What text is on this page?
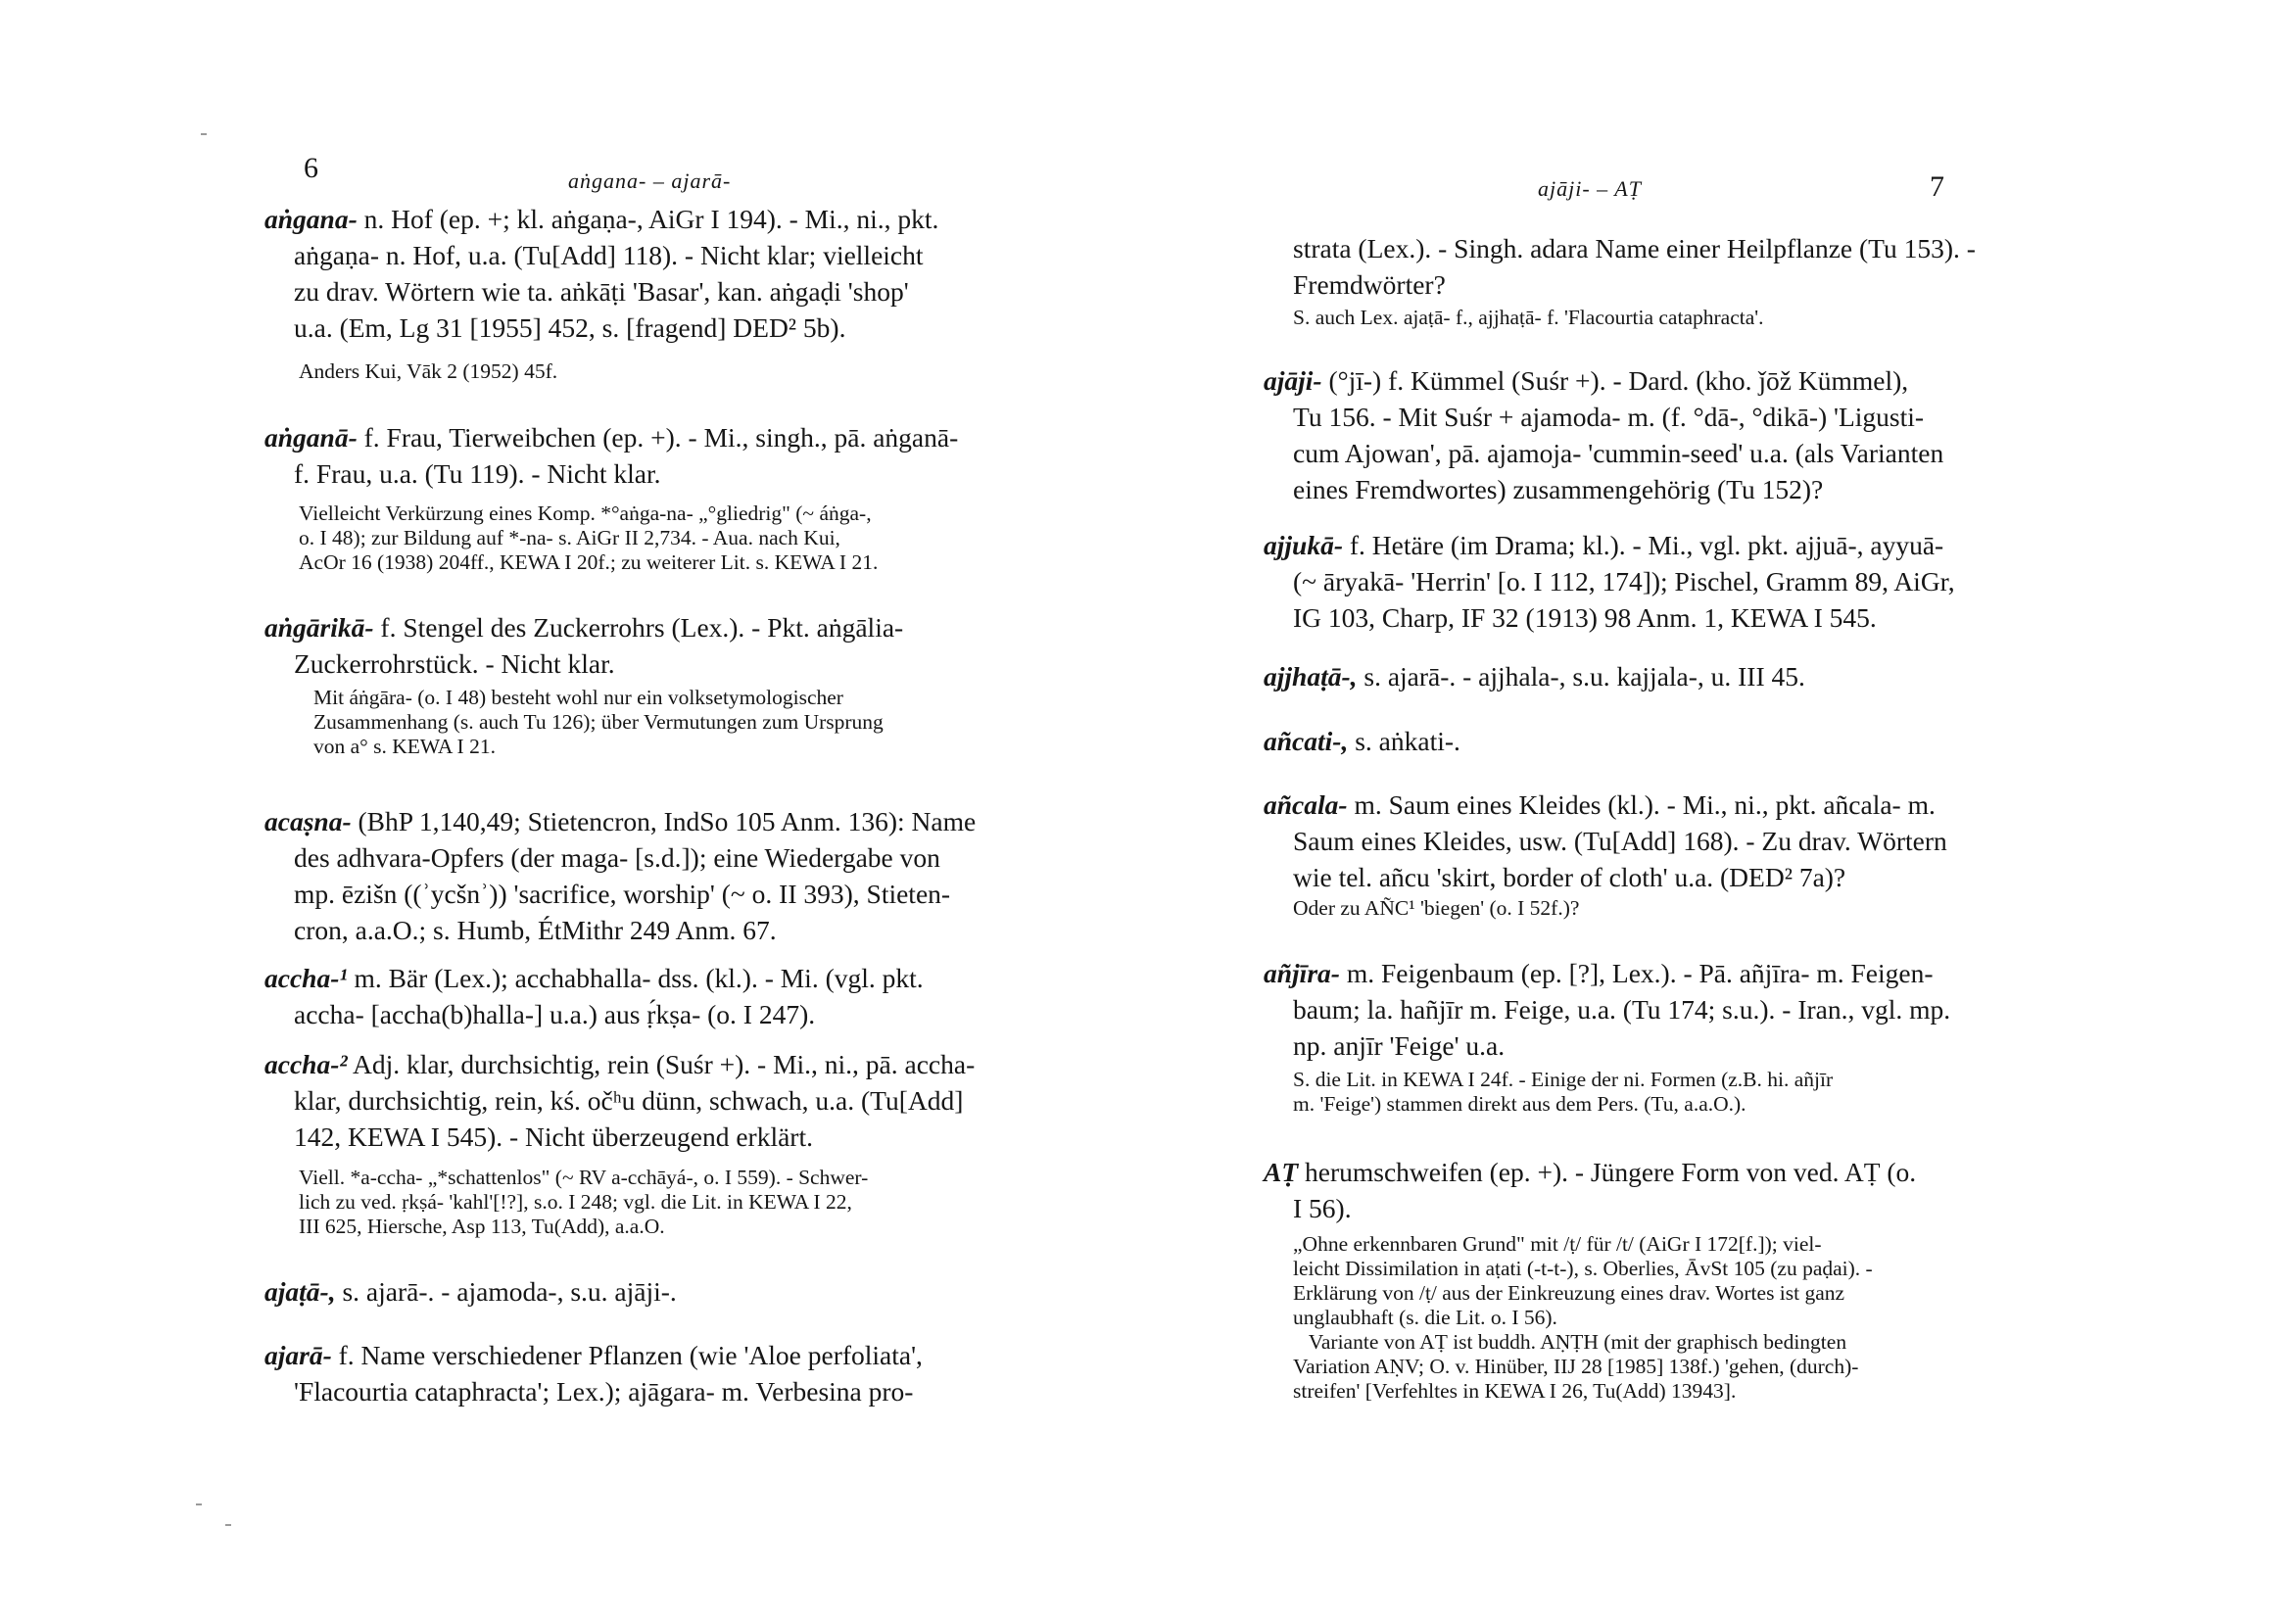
6	aṅgana- – ajarā-
aṅgana- n. Hof (ep. +; kl. aṅgaṇa-, AiGr I 194). - Mi., ni., pkt.
aṅgaṇa- n. Hof, u.a. (Tu[Add] 118). - Nicht klar; vielleicht
zu drav. Wörtern wie ta. aṅkāṭi 'Basar', kan. aṅgaḍi 'shop'
u.a. (Em, Lg 31 [1955] 452, s. [fragend] DED² 5b).
Anders Kui, Vāk 2 (1952) 45f.
aṅganā- f. Frau, Tierweibchen (ep. +). - Mi., singh., pā. aṅganā-
f. Frau, u.a. (Tu 119). - Nicht klar.
Vielleicht Verkürzung eines Komp. *°aṅga-na- „°gliedrig" (~ áṅga-,
o. I 48); zur Bildung auf *-na- s. AiGr II 2,734. - Aua. nach Kui,
AcOr 16 (1938) 204ff., KEWA I 20f.; zu weiterer Lit. s. KEWA I 21.
aṅgārikā- f. Stengel des Zuckerrohrs (Lex.). - Pkt. aṅgālia-
Zuckerrohrstück. - Nicht klar.
Mit áṅgāra- (o. I 48) besteht wohl nur ein volksetymologischer
Zusammenhang (s. auch Tu 126); über Vermutungen zum Ursprung
von a° s. KEWA I 21.
acaṣna- (BhP 1,140,49; Stietencron, IndSo 105 Anm. 136): Name
des adhvara-Opfers (der maga- [s.d.]); eine Wiedergabe von
mp. ēzišn ((ʾycšnʾ)) 'sacrifice, worship' (~ o. II 393), Stieten-
cron, a.a.O.; s. Humb, ÉtMithr 249 Anm. 67.
accha-¹ m. Bär (Lex.); acchabhalla- dss. (kl.). - Mi. (vgl. pkt.
accha- [accha(b)halla-] u.a.) aus ṛ́kṣa- (o. I 247).
accha-² Adj. klar, durchsichtig, rein (Suśr +). - Mi., ni., pā. accha-
klar, durchsichtig, rein, kś. očʰu dünn, schwach, u.a. (Tu[Add]
142, KEWA I 545). - Nicht überzeugend erklärt.
Viell. *a-ccha- „*schattenlos" (~ RV a-cchāyá-, o. I 559). - Schwer-
lich zu ved. ṛkṣá- 'kahl'[!?], s.o. I 248; vgl. die Lit. in KEWA I 22,
III 625, Hiersche, Asp 113, Tu(Add), a.a.O.
ajaṭā-, s. ajarā-. - ajamoda-, s.u. ajāji-.
ajarā- f. Name verschiedener Pflanzen (wie 'Aloe perfoliata',
'Flacourtia cataphracta'; Lex.); ajāgara- m. Verbesina pro-
ajāji- – AṬ	7
strata (Lex.). - Singh. adara Name einer Heilpflanze (Tu 153). -
Fremdwörter?
S. auch Lex. ajaṭā- f., ajjhaṭā- f. 'Flacourtia cataphracta'.
ajāji- (°jī-) f. Kümmel (Suśr +). - Dard. (kho. ǰōž Kümmel),
Tu 156. - Mit Suśr + ajamoda- m. (f. °dā-, °dikā-) 'Ligusti-
cum Ajowan', pā. ajamoja- 'cummin-seed' u.a. (als Varianten
eines Fremdwortes) zusammengehörig (Tu 152)?
ajjukā- f. Hetäre (im Drama; kl.). - Mi., vgl. pkt. ajjuā-, ayyuā-
(~ āryakā- 'Herrin' [o. I 112, 174]); Pischel, Gramm 89, AiGr,
IG 103, Charp, IF 32 (1913) 98 Anm. 1, KEWA I 545.
ajjhaṭā-, s. ajarā-. - ajjhala-, s.u. kajjala-, u. III 45.
añcati-, s. aṅkati-.
añcala- m. Saum eines Kleides (kl.). - Mi., ni., pkt. añcala- m.
Saum eines Kleides, usw. (Tu[Add] 168). - Zu drav. Wörtern
wie tel. añcu 'skirt, border of cloth' u.a. (DED² 7a)?
Oder zu AÑC¹ 'biegen' (o. I 52f.)?
añjīra- m. Feigenbaum (ep. [?], Lex.). - Pā. añjīra- m. Feigen-
baum; la. hañjīr m. Feige, u.a. (Tu 174; s.u.). - Iran., vgl. mp.
np. anjīr 'Feige' u.a.
S. die Lit. in KEWA I 24f. - Einige der ni. Formen (z.B. hi. añjīr
m. 'Feige') stammen direkt aus dem Pers. (Tu, a.a.O.).
AṬ herumschweifen (ep. +). - Jüngere Form von ved. AṬ (o.
I 56).
„Ohne erkennbaren Grund" mit /ṭ/ für /t/ (AiGr I 172[f.]); viel-
leicht Dissimilation in aṭati (-t-t-), s. Oberlies, ĀvSt 105 (zu paḍai). -
Erklärung von /ṭ/ aus der Einkreuzung eines drav. Wortes ist ganz
unglaubhaft (s. die Lit. o. I 56).
Variante von AṬ ist buddh. AṆṬH (mit der graphisch bedingten
Variation AṆV; O. v. Hinüber, IIJ 28 [1985] 138f.) 'gehen, (durch)-
streifen' [Verfehltes in KEWA I 26, Tu(Add) 13943].
